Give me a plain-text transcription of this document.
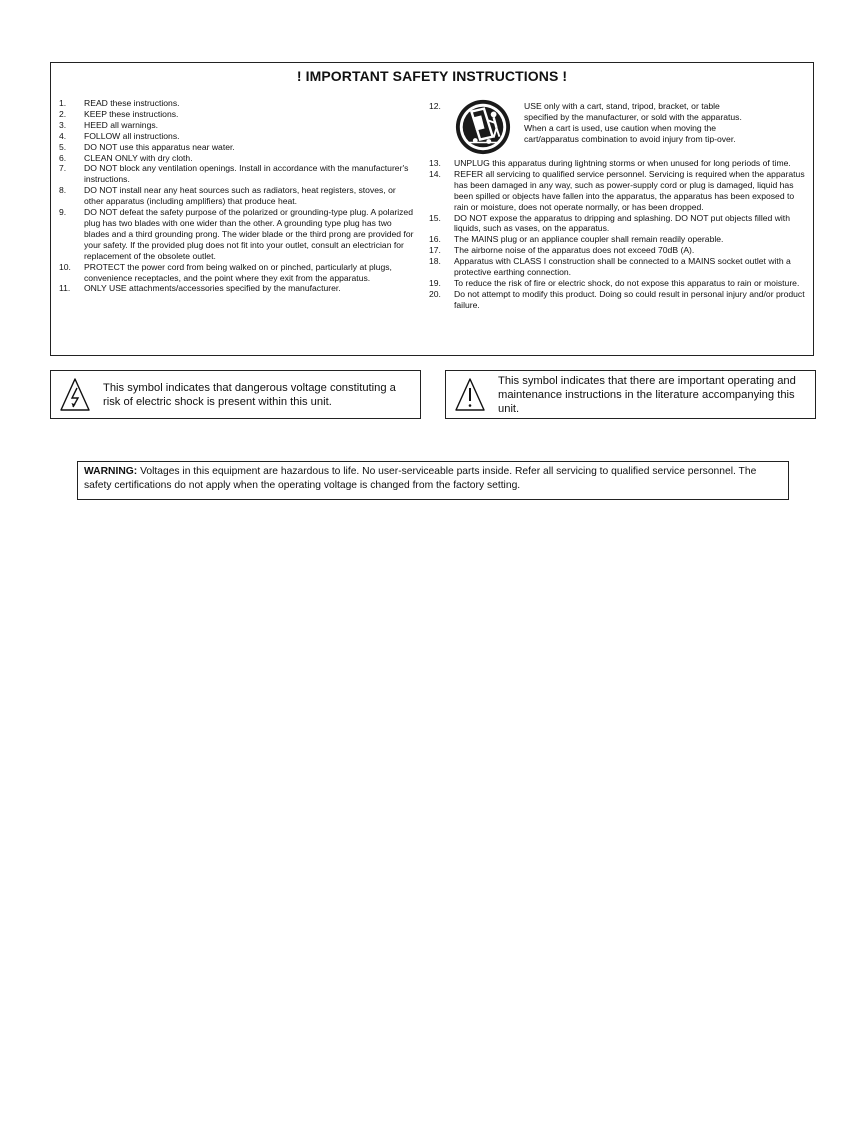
! IMPORTANT SAFETY INSTRUCTIONS !
1.	READ these instructions.
2.	KEEP these instructions.
3.	HEED all warnings.
4.	FOLLOW all instructions.
5.	DO NOT use this apparatus near water.
6.	CLEAN ONLY with dry cloth.
7.	DO NOT block any ventilation openings. Install in accordance with the manufacturer's instructions.
8.	DO NOT install near any heat sources such as radiators, heat registers, stoves, or other apparatus (including amplifiers) that produce heat.
9.	DO NOT defeat the safety purpose of the polarized or grounding-type plug. A polarized plug has two blades with one wider than the other. A grounding type plug has two blades and a third grounding prong. The wider blade or the third prong are provided for your safety. If the provided plug does not fit into your outlet, consult an electrician for replacement of the obsolete outlet.
10.	PROTECT the power cord from being walked on or pinched, particularly at plugs, convenience receptacles, and the point where they exit from the apparatus.
11.	ONLY USE attachments/accessories specified by the manufacturer.
12.	USE only with a cart, stand, tripod, bracket, or table specified by the manufacturer, or sold with the apparatus. When a cart is used, use caution when moving the cart/apparatus combination to avoid injury from tip-over.
13.	UNPLUG this apparatus during lightning storms or when unused for long periods of time.
14.	REFER all servicing to qualified service personnel. Servicing is required when the apparatus has been damaged in any way, such as power-supply cord or plug is damaged, liquid has been spilled or objects have fallen into the apparatus, the apparatus has been exposed to rain or moisture, does not operate normally, or has been dropped.
15.	DO NOT expose the apparatus to dripping and splashing. DO NOT put objects filled with liquids, such as vases, on the apparatus.
16.	The MAINS plug or an appliance coupler shall remain readily operable.
17.	The airborne noise of the apparatus does not exceed 70dB (A).
18.	Apparatus with CLASS I construction shall be connected to a MAINS socket outlet with a protective earthing connection.
19.	To reduce the risk of fire or electric shock, do not expose this apparatus to rain or moisture.
20.	Do not attempt to modify this product. Doing so could result in personal injury and/or product failure.
This symbol indicates that dangerous voltage constituting a risk of electric shock is present within this unit.
This symbol indicates that there are important operating and maintenance instructions in the literature accompanying this unit.
WARNING: Voltages in this equipment are hazardous to life. No user-serviceable parts inside. Refer all servicing to qualified service personnel. The safety certifications do not apply when the operating voltage is changed from the factory setting.
